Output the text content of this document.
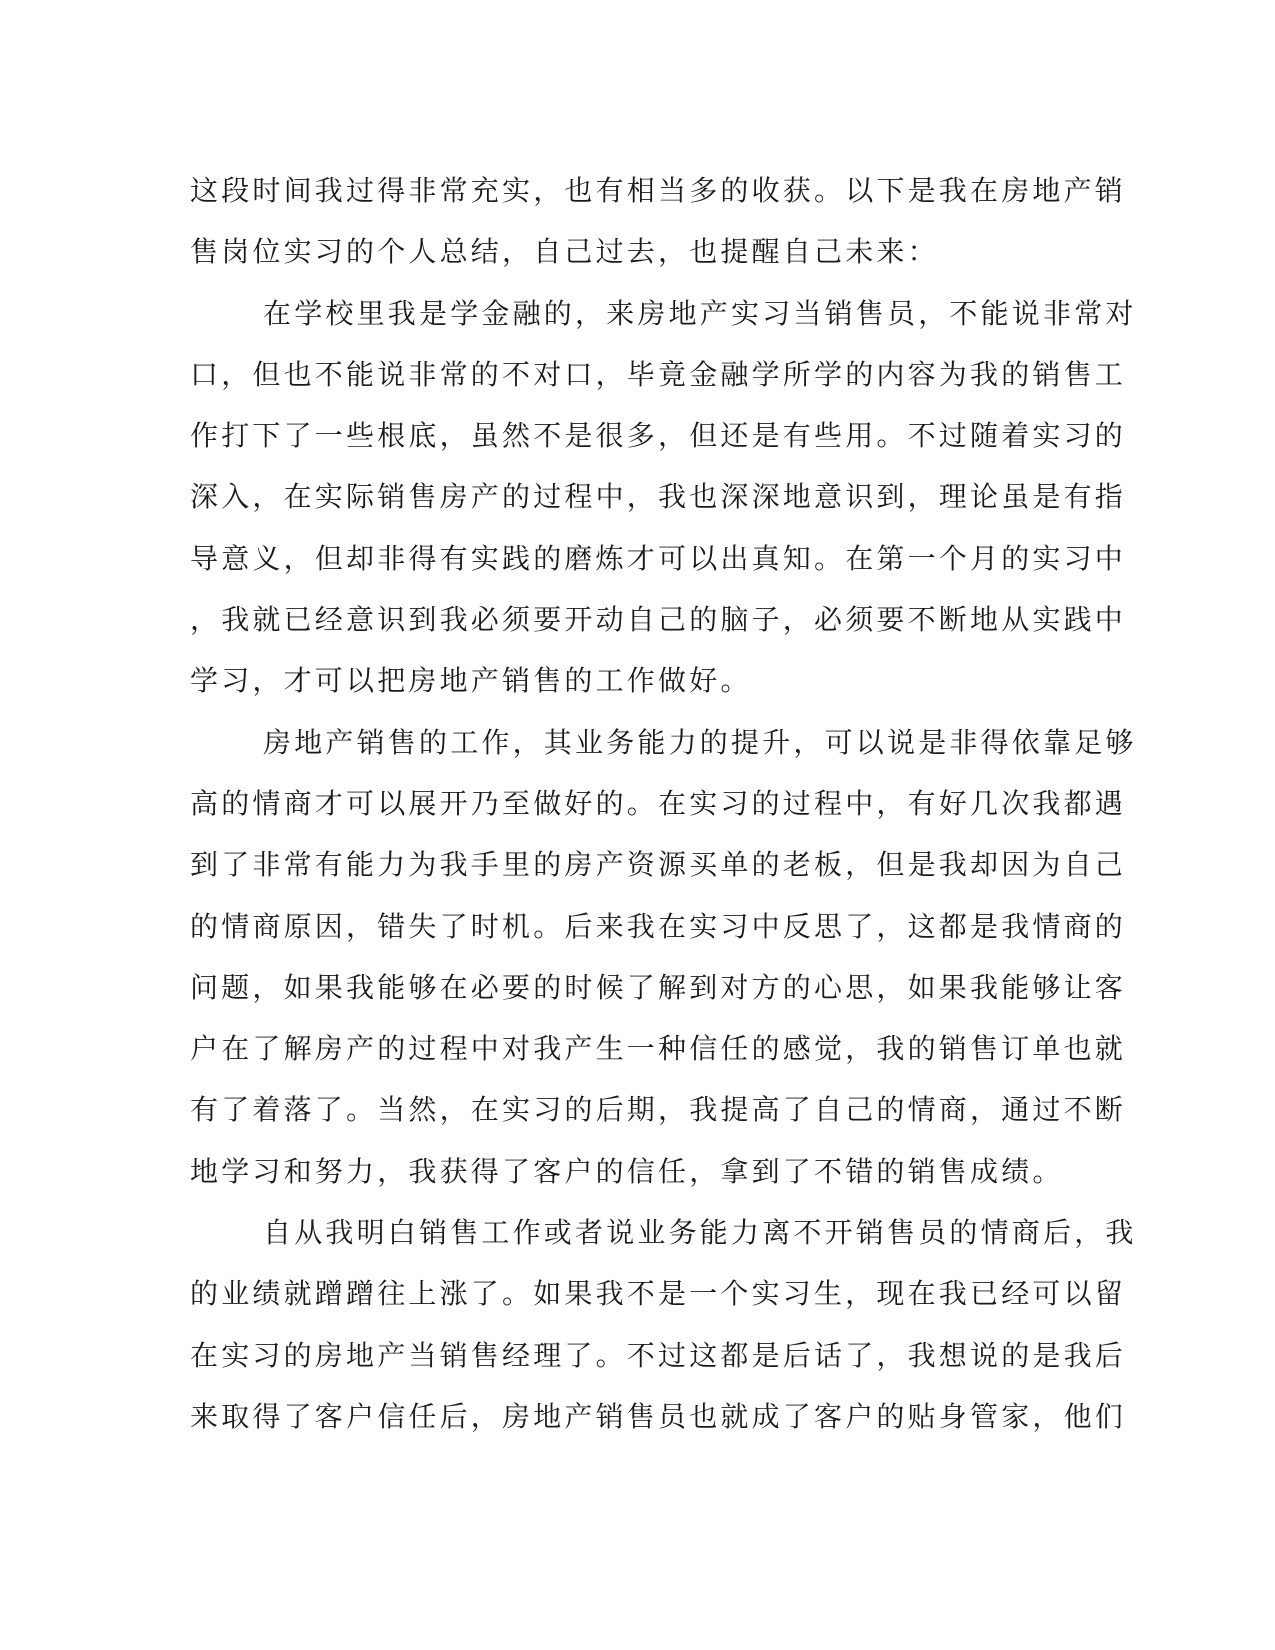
这段时间我过得非常充实，也有相当多的收获。以下是我在房地产销
售岗位实习的个人总结，自己过去，也提醒自己未来：
在学校里我是学金融的，来房地产实习当销售员，不能说非常对
口，但也不能说非常的不对口，毕竟金融学所学的内容为我的销售工
作打下了一些根底，虽然不是很多，但还是有些用。不过随着实习的
深入，在实际销售房产的过程中，我也深深地意识到，理论虽是有指
导意义，但却非得有实践的磨炼才可以出真知。在第一个月的实习中
，我就已经意识到我必须要开动自己的脑子，必须要不断地从实践中
学习，才可以把房地产销售的工作做好。
房地产销售的工作，其业务能力的提升，可以说是非得依靠足够
高的情商才可以展开乃至做好的。在实习的过程中，有好几次我都遇
到了非常有能力为我手里的房产资源买单的老板，但是我却因为自己
的情商原因，错失了时机。后来我在实习中反思了，这都是我情商的
问题，如果我能够在必要的时候了解到对方的心思，如果我能够让客
户在了解房产的过程中对我产生一种信任的感觉，我的销售订单也就
有了着落了。当然，在实习的后期，我提高了自己的情商，通过不断
地学习和努力，我获得了客户的信任，拿到了不错的销售成绩。
自从我明白销售工作或者说业务能力离不开销售员的情商后，我
的业绩就蹭蹭往上涨了。如果我不是一个实习生，现在我已经可以留
在实习的房地产当销售经理了。不过这都是后话了，我想说的是我后
来取得了客户信任后，房地产销售员也就成了客户的贴身管家，他们
